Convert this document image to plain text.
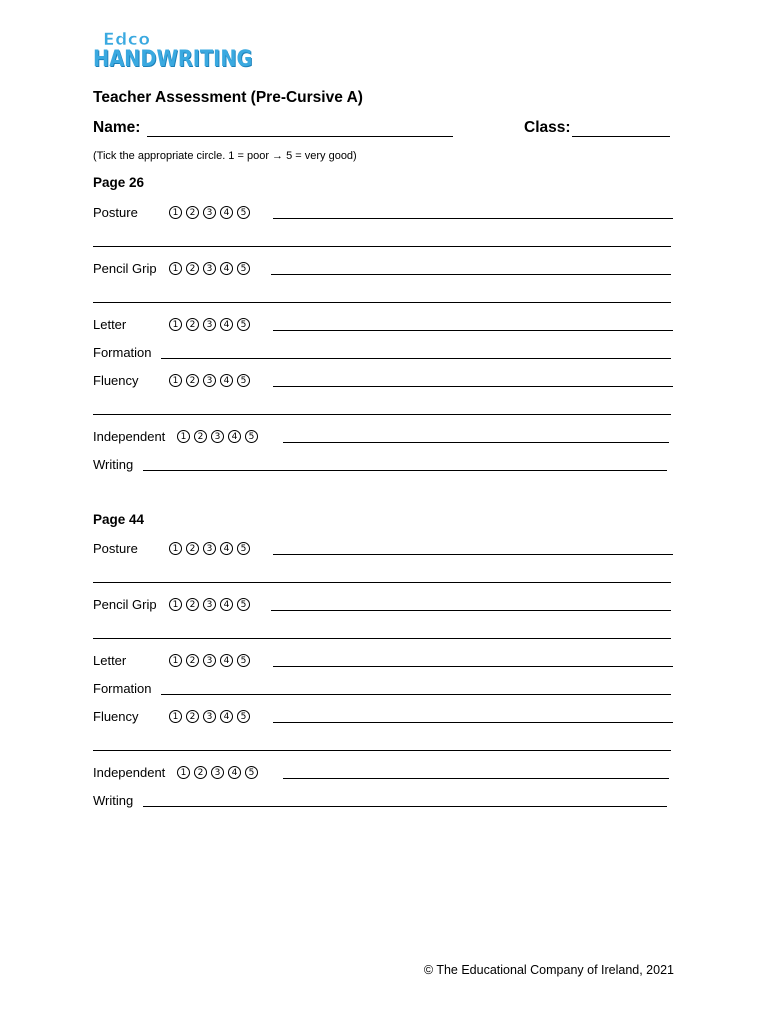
Edco
HANDWRITING
Teacher Assessment (Pre-Cursive A)
Name:	Class:
(Tick the appropriate circle. 1 = poor → 5 = very good)
Page 26
Posture	1	2	3	4	5
Pencil Grip	1	2	3	4	5
Letter	1	2	3	4	5
Formation
Fluency	1	2	3	4	5
Independent	1	2	3	4	5
Writing
Page 44
Posture	1	2	3	4	5
Pencil Grip	1	2	3	4	5
Letter	1	2	3	4	5
Formation
Fluency	1	2	3	4	5
Independent	1	2	3	4	5
Writing
© The Educational Company of Ireland, 2021
